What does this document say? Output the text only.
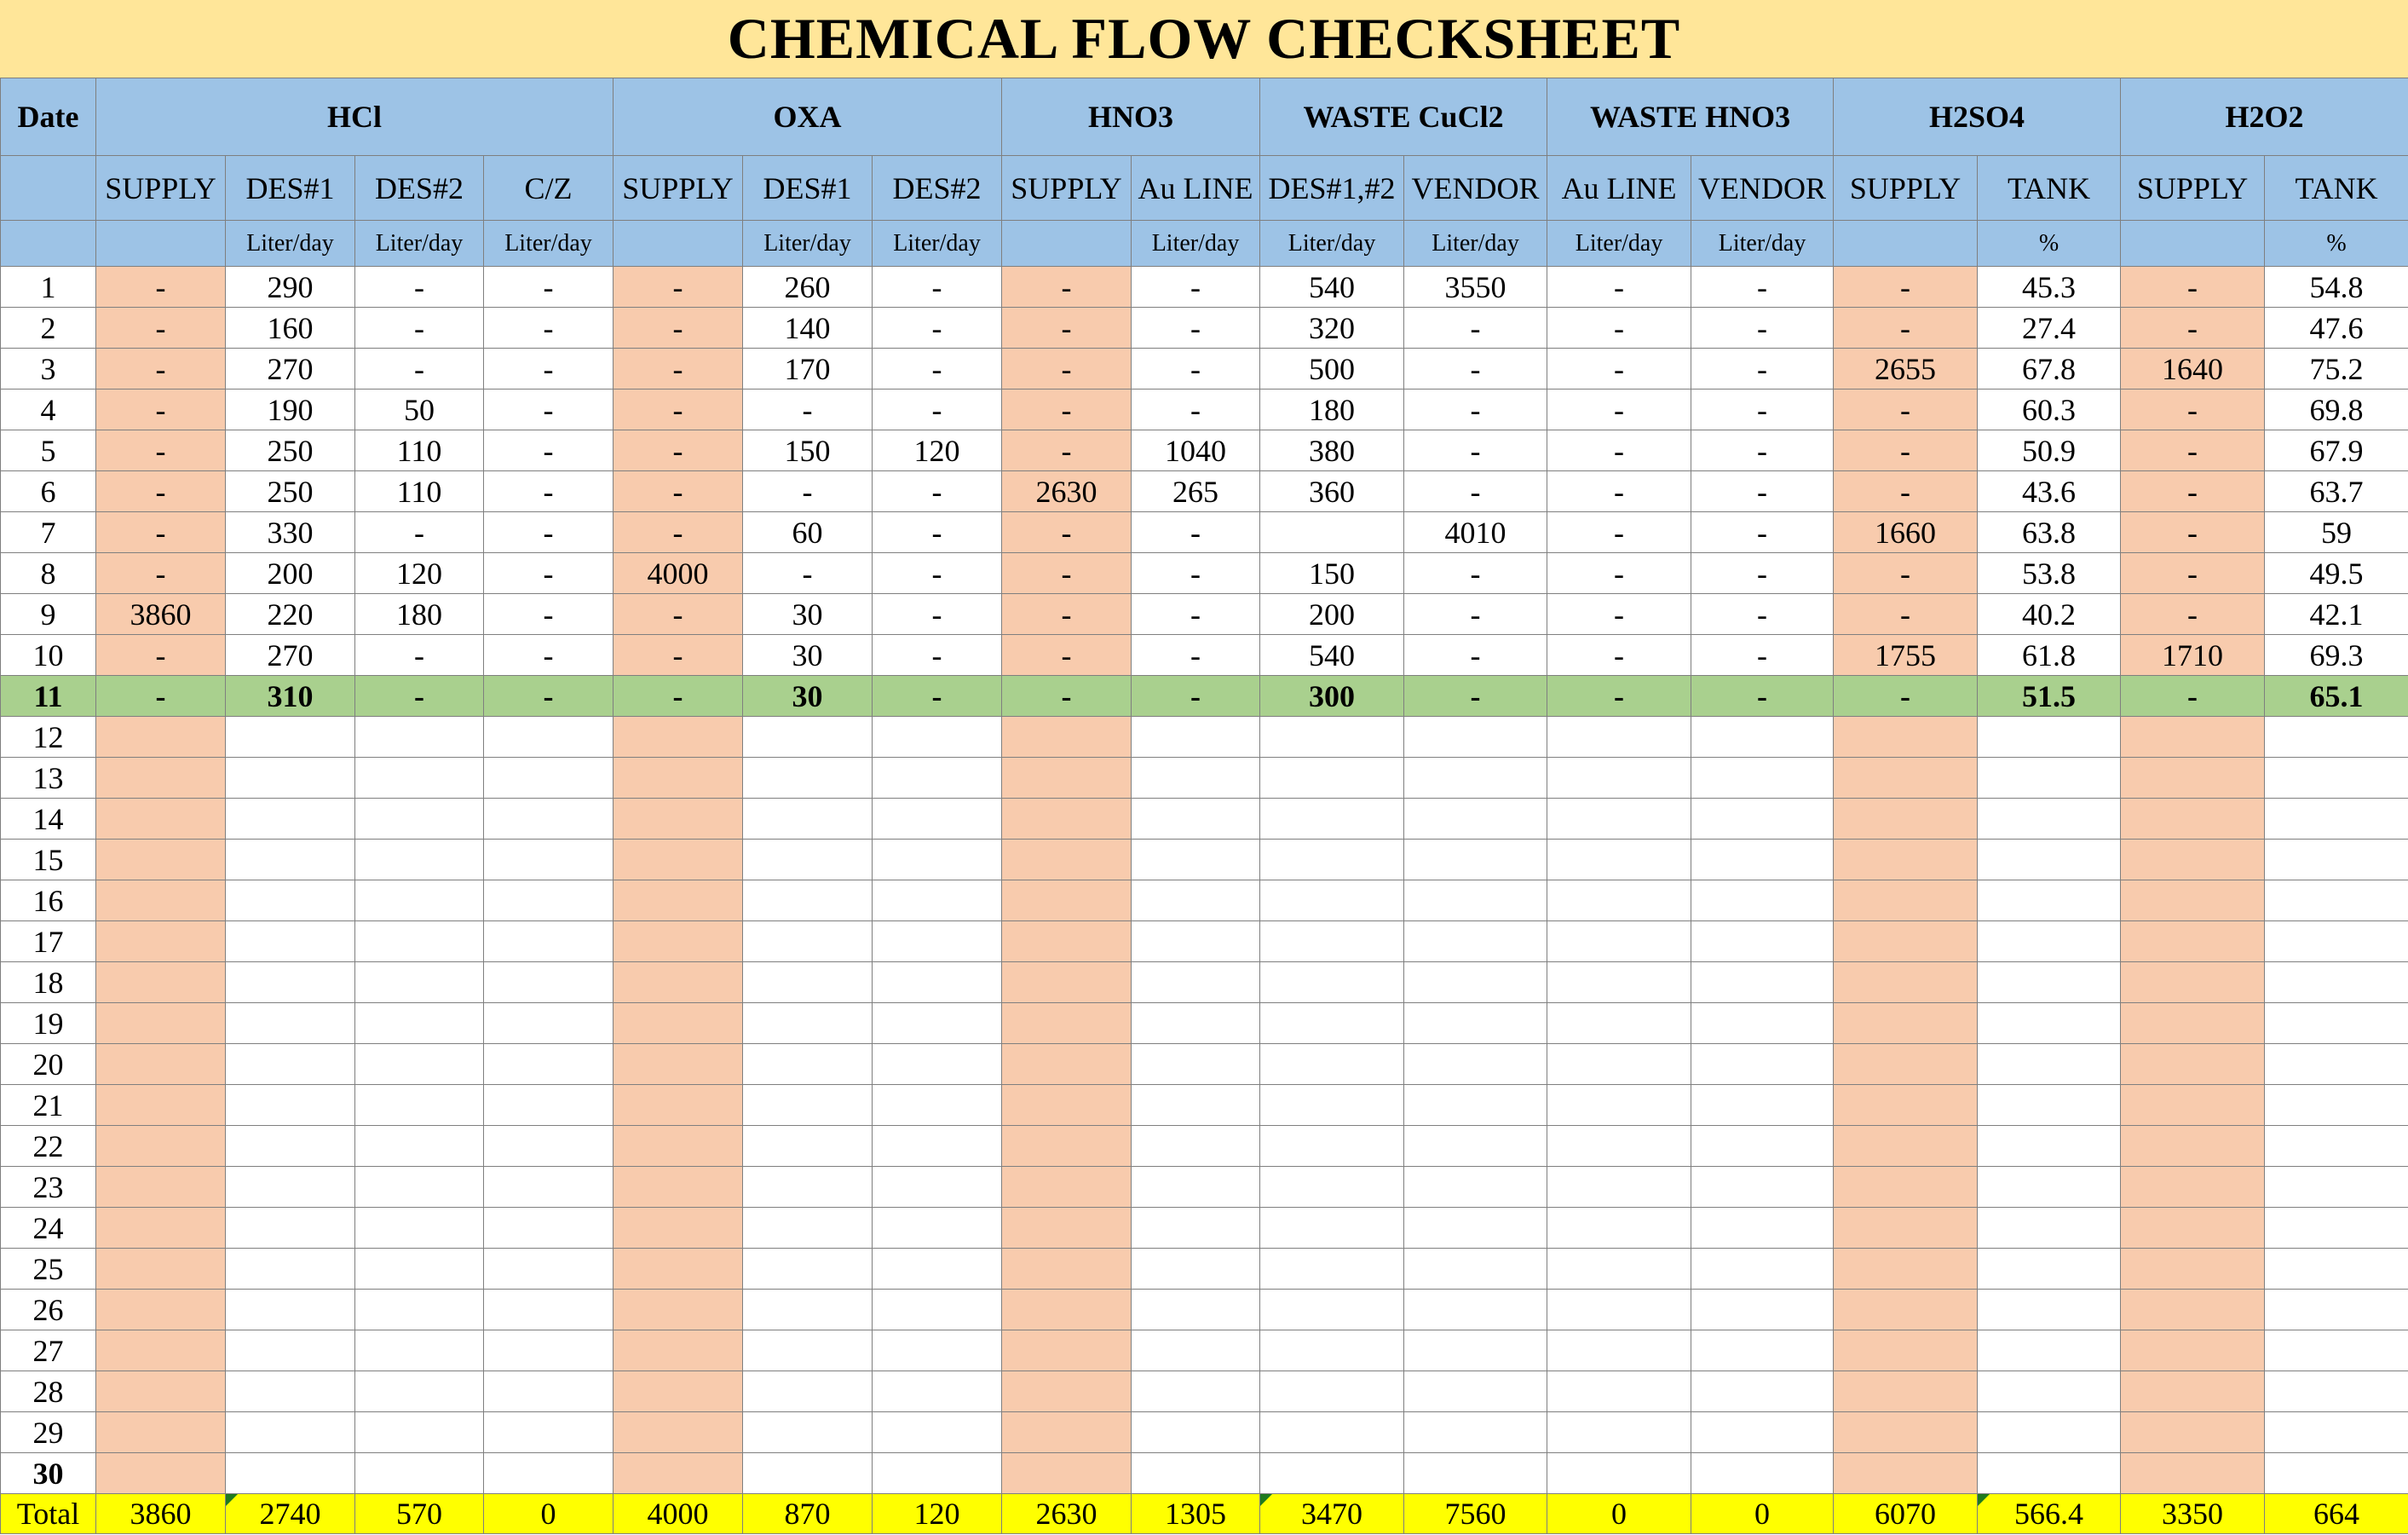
CHEMICAL FLOW CHECKSHEET
Date	HCl				OXA			HNO3		WASTE CuCl2		WASTE HNO3		H2SO4		H2O2	
	SUPPLY	DES#1	DES#2	C/Z	SUPPLY	DES#1	DES#2	SUPPLY	Au LINE	DES#1,#2	VENDOR	Au LINE	VENDOR	SUPPLY	TANK	SUPPLY	TANK
		Liter/day	Liter/day	Liter/day		Liter/day	Liter/day		Liter/day	Liter/day	Liter/day	Liter/day	Liter/day		%		%
1	-	290	-	-	-	260	-	-	-	540	3550	-	-	-	45.3	-	54.8
2	-	160	-	-	-	140	-	-	-	320	-	-	-	-	27.4	-	47.6
3	-	270	-	-	-	170	-	-	-	500	-	-	-	2655	67.8	1640	75.2
4	-	190	50	-	-	-	-	-	-	180	-	-	-	-	60.3	-	69.8
5	-	250	110	-	-	150	120	-	1040	380	-	-	-	-	50.9	-	67.9
6	-	250	110	-	-	-	-	2630	265	360	-	-	-	-	43.6	-	63.7
7	-	330	-	-	-	60	-	-	-		4010	-	-	1660	63.8	-	59
8	-	200	120	-	4000	-	-	-	-	150	-	-	-	-	53.8	-	49.5
9	3860	220	180	-	-	30	-	-	-	200	-	-	-	-	40.2	-	42.1
10	-	270	-	-	-	30	-	-	-	540	-	-	-	1755	61.8	1710	69.3
11	-	310	-	-	-	30	-	-	-	300	-	-	-	-	51.5	-	65.1
12																	
13																	
14																	
15																	
16																	
17																	
18																	
19																	
20																	
21																	
22																	
23																	
24																	
25																	
26																	
27																	
28																	
29																	
30																	
Total	3860	2740	570	0	4000	870	120	2630	1305	3470	7560	0	0	6070	566.4	3350	664
